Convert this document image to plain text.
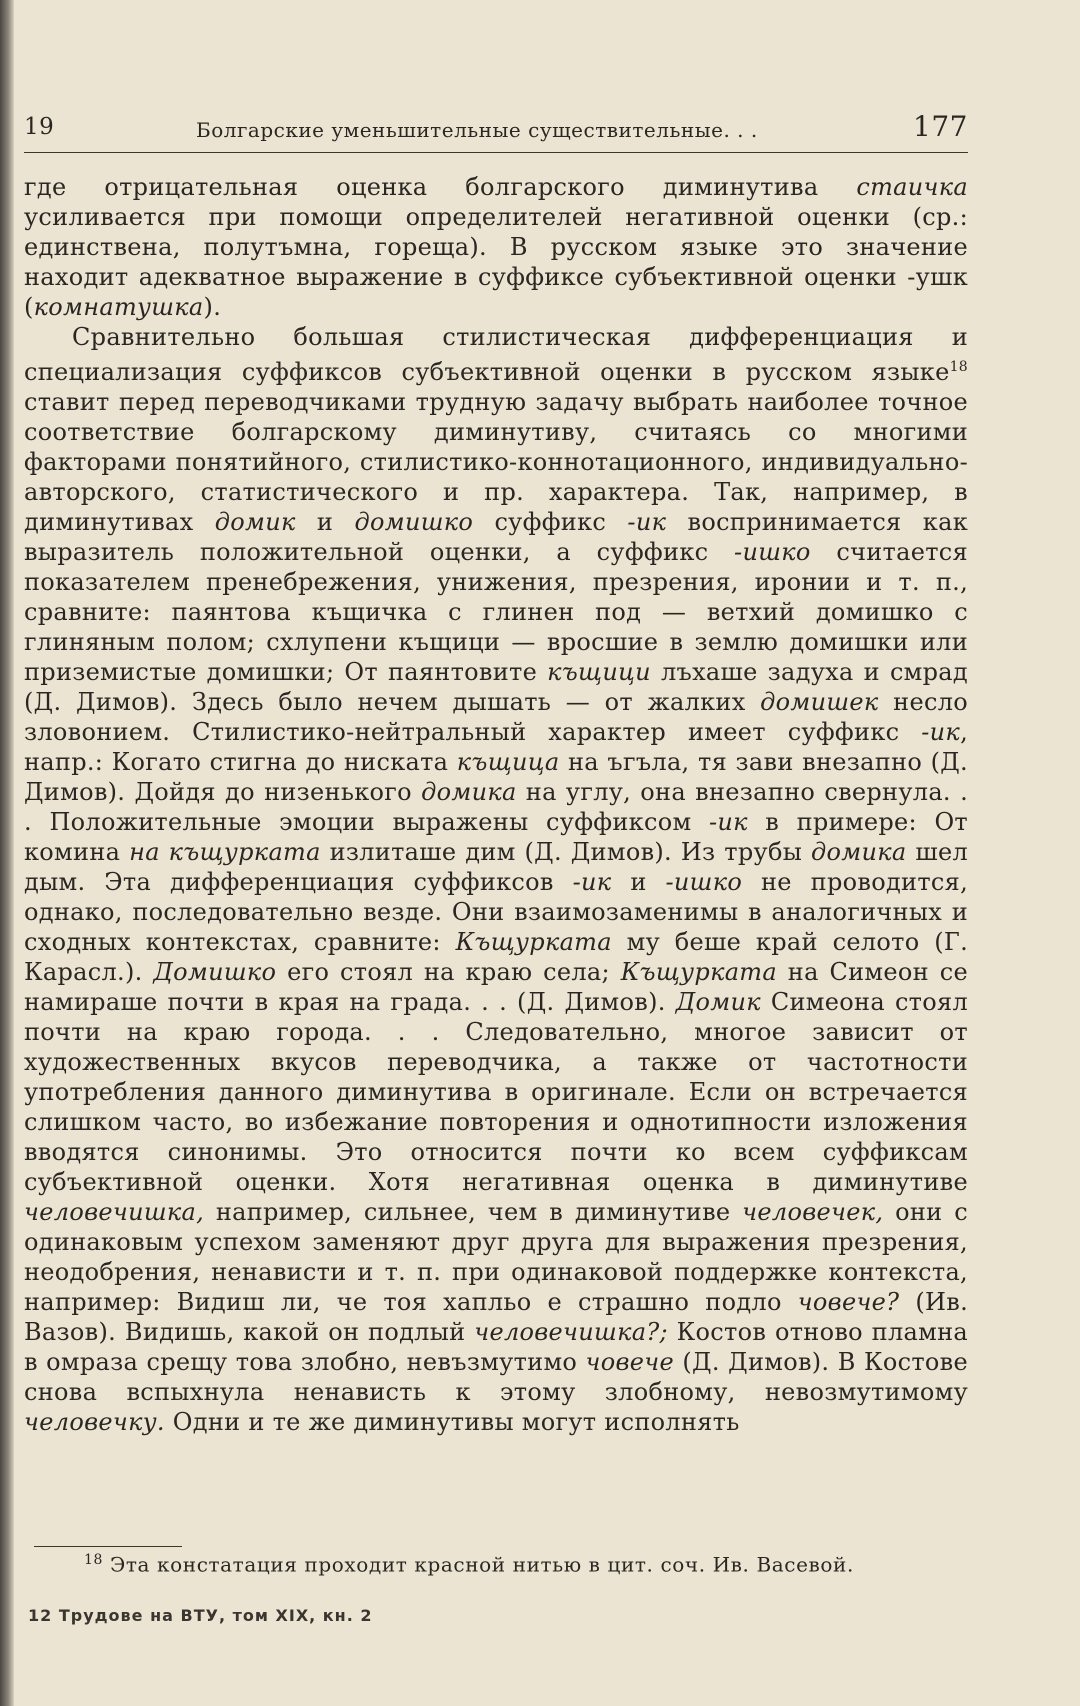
19	Болгарские уменьшительные существительные. . .	177

где отрицательная оценка болгарского диминутива стаичка усиливается при помощи определителей негативной оценки (ср.: единствена, полутъмна, гореща). В русском языке это значение находит адекватное выражение в суффиксе субъективной оценки -ушк (комнатушка).

Сравнительно большая стилистическая дифференциация и специализация суффиксов субъективной оценки в русском языке$^{18}$ ставит перед переводчиками трудную задачу выбрать наиболее точное соответствие болгарскому диминутиву, считаясь со многими факторами понятийного, стилистико-коннотационного, индивидуально-авторского, статистического и пр. характера. Так, например, в диминутивах домик и домишко суффикс -ик воспринимается как выразитель положительной оценки, а суффикс -ишко считается показателем пренебрежения, унижения, презрения, иронии и т. п., сравните: паянтова къщичка с глинен под — ветхий домишко с глиняным полом; схлупени къщици — вросшие в землю домишки или приземистые домишки; От паянтовите къщици лъхаше задуха и смрад (Д. Димов). Здесь было нечем дышать — от жалких домишек несло зловонием. Стилистико-нейтральный характер имеет суффикс -ик, напр.: Когато стигна до ниската къщица на ъгъла, тя зави внезапно (Д. Димов). Дойдя до низенького домика на углу, она внезапно свернула. . . Положительные эмоции выражены суффиксом -ик в примере: От комина на къщурката излиташе дим (Д. Димов). Из трубы домика шел дым. Эта дифференциация суффиксов -ик и -ишко не проводится, однако, последовательно везде. Они взаимозаменимы в аналогичных и сходных контекстах, сравните: Къщурката му беше край селото (Г. Карасл.). Домишко его стоял на краю села; Къщурката на Симеон се намираше почти в края на града. . . (Д. Димов). Домик Симеона стоял почти на краю города. . . Следовательно, многое зависит от художественных вкусов переводчика, а также от частотности употребления данного диминутива в оригинале. Если он встречается слишком часто, во избежание повторения и однотипности изложения вводятся синонимы. Это относится почти ко всем суффиксам субъективной оценки. Хотя негативная оценка в диминутиве человечишка, например, сильнее, чем в диминутиве человечек, они с одинаковым успехом заменяют друг друга для выражения презрения, неодобрения, ненависти и т. п. при одинаковой поддержке контекста, например: Видиш ли, че тоя хапльо е страшно подло човече? (Ив. Вазов). Видишь, какой он подлый человечишка?; Костов отново пламна в омраза срещу това злобно, невъзмутимо човече (Д. Димов). В Костове снова вспыхнула ненависть к этому злобному, невозмутимому человечку. Одни и те же диминутивы могут исполнять

$^{18}$ Эта констатация проходит красной нитью в цит. соч. Ив. Васевой.
12 Трудове на ВТУ, том XIX, кн. 2
